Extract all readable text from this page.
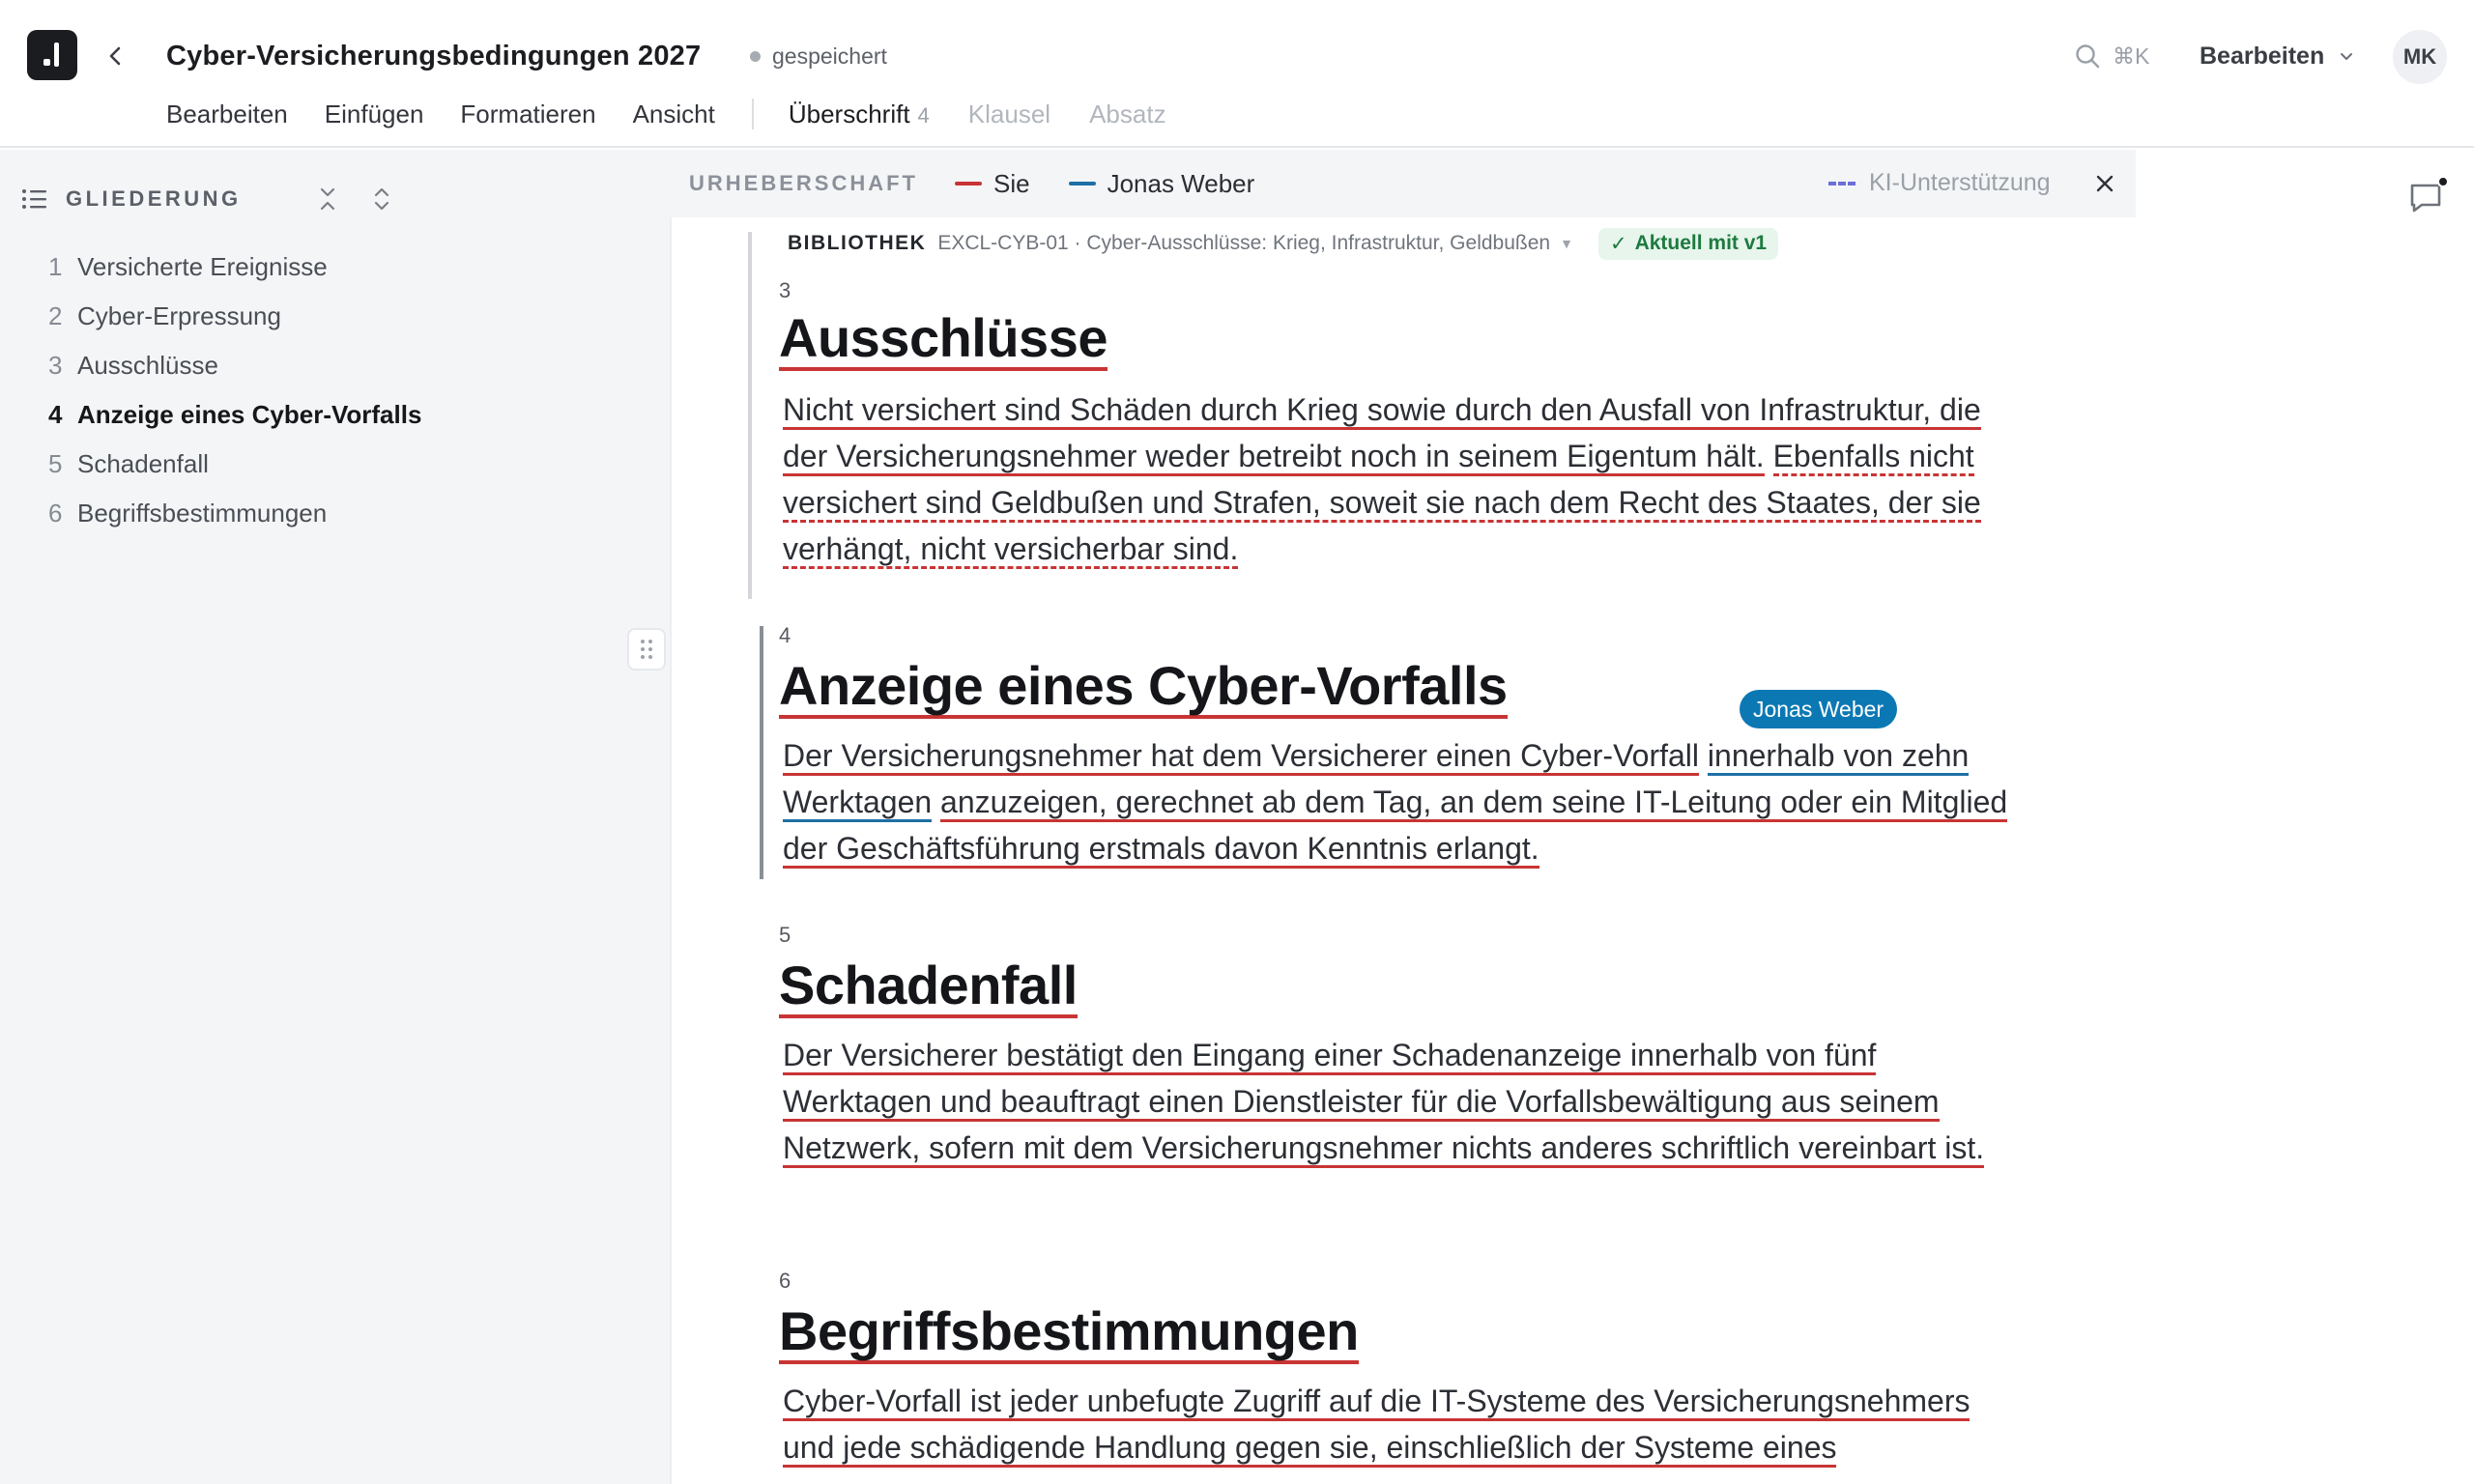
Cyber-Versicherungsbedingungen 2027	gespeichert	⌘K Bearbeiten	MK
Bearbeiten Einfügen Formatieren Ansicht	Überschrift 4 Klausel Absatz
GLIEDERUNG
1 Versicherte Ereignisse
2 Cyber-Erpressung
3 Ausschlüsse
4 Anzeige eines Cyber-Vorfalls
5 Schadenfall
6 Begriffsbestimmungen
URHEBERSCHAFT	Sie	Jonas Weber	KI-Unterstützung
BIBLIOTHEK EXCL-CYB-01 · Cyber-Ausschlüsse: Krieg, Infrastruktur, Geldbußen ▼ ✓ Aktuell mit v1
3
Ausschlüsse
Nicht versichert sind Schäden durch Krieg sowie durch den Ausfall von Infrastruktur, die der Versicherungsnehmer weder betreibt noch in seinem Eigentum hält. Ebenfalls nicht versichert sind Geldbußen und Strafen, soweit sie nach dem Recht des Staates, der sie verhängt, nicht versicherbar sind.
4
Anzeige eines Cyber-Vorfalls	Jonas Weber
Der Versicherungsnehmer hat dem Versicherer einen Cyber-Vorfall innerhalb von zehn Werktagen anzuzeigen, gerechnet ab dem Tag, an dem seine IT-Leitung oder ein Mitglied der Geschäftsführung erstmals davon Kenntnis erlangt.
5
Schadenfall
Der Versicherer bestätigt den Eingang einer Schadenanzeige innerhalb von fünf Werktagen und beauftragt einen Dienstleister für die Vorfallsbewältigung aus seinem Netzwerk, sofern mit dem Versicherungsnehmer nichts anderes schriftlich vereinbart ist.
6
Begriffsbestimmungen
Cyber-Vorfall ist jeder unbefugte Zugriff auf die IT-Systeme des Versicherungsnehmers und jede schädigende Handlung gegen sie, einschließlich der Systeme eines
